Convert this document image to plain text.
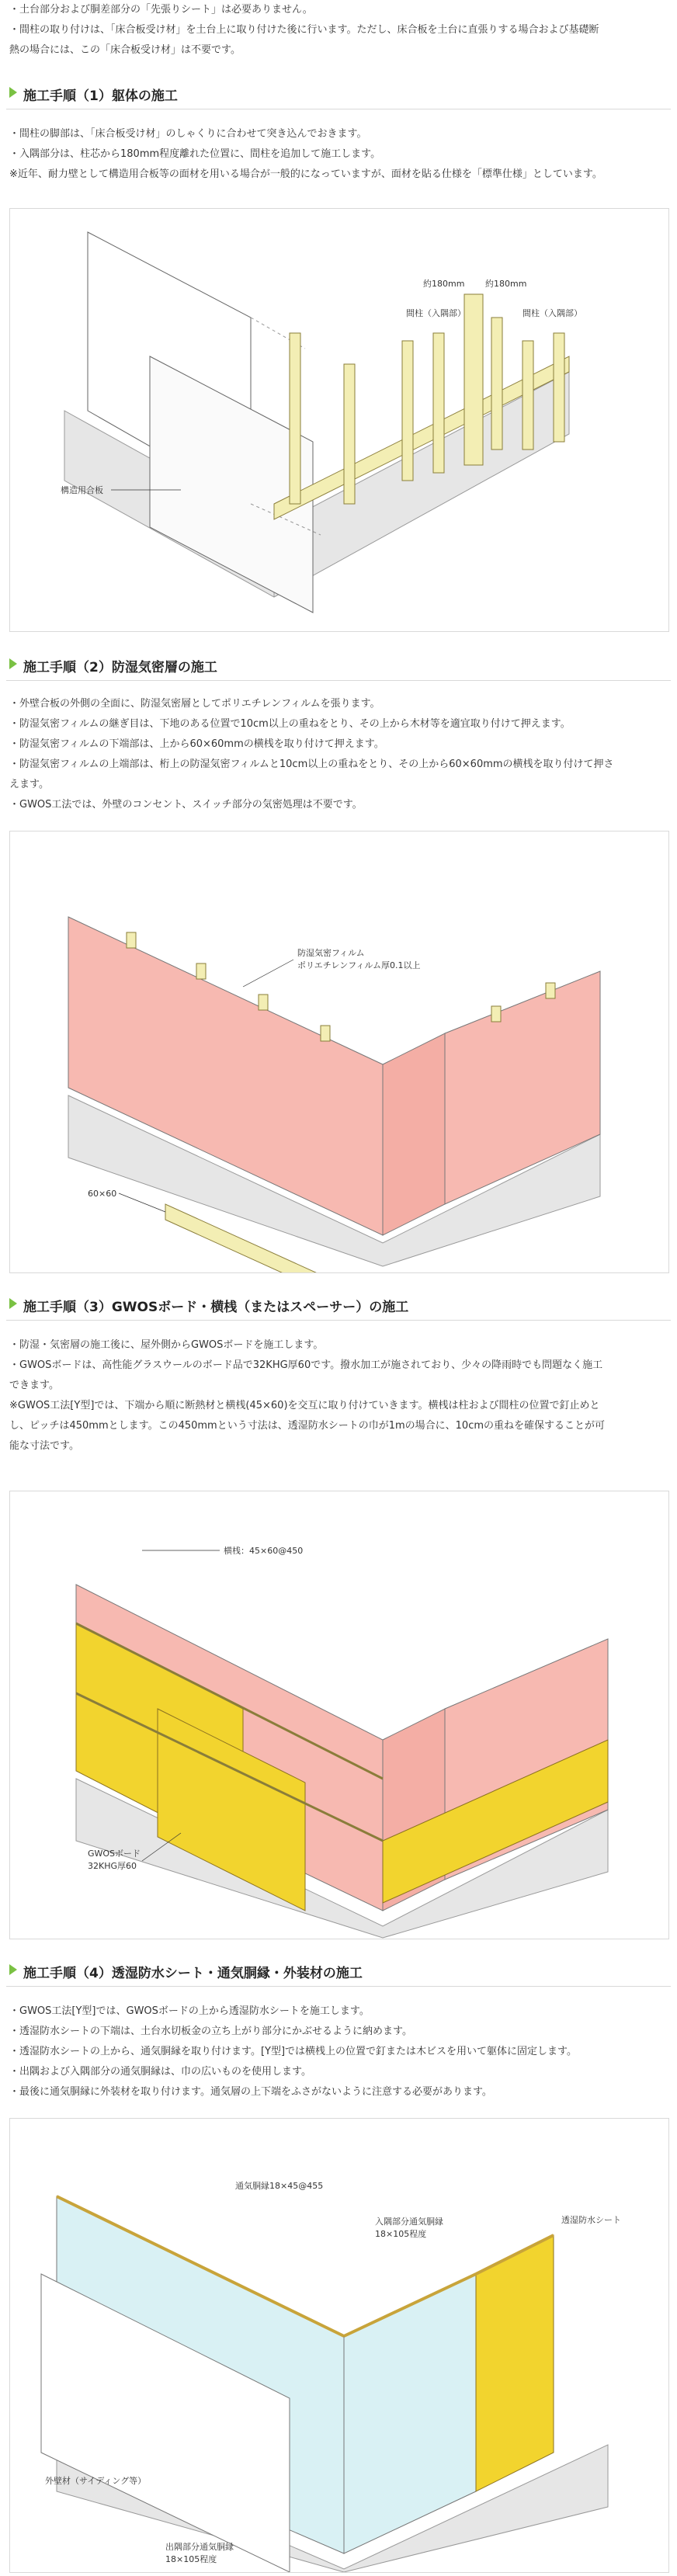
・土台部分および胴差部分の「先張りシート」は必要ありません。
・間柱の取り付けは、「床合板受け材」を土台上に取り付けた後に行います。ただし、床合板を土台に直張りする場合および基礎断
熱の場合には、この「床合板受け材」は不要です。
施工手順（1）躯体の施工
・間柱の脚部は、「床合板受け材」のしゃくりに合わせて突き込んでおきます。
・入隅部分は、柱芯から180mm程度離れた位置に、間柱を追加して施工します。
※近年、耐力壁として構造用合板等の面材を用いる場合が一般的になっていますが、面材を貼る仕様を「標準仕様」としています。
構造用合板
約180mm 約180mm
間柱（入隅部）	間柱（入隅部）
施工手順（2）防湿気密層の施工
・外壁合板の外側の全面に、防湿気密層としてポリエチレンフィルムを張ります。
・防湿気密フィルムの継ぎ目は、下地のある位置で10cm以上の重ねをとり、その上から木材等を適宜取り付けて押えます。
・防湿気密フィルムの下端部は、上から60×60mmの横桟を取り付けて押えます。
・防湿気密フィルムの上端部は、桁上の防湿気密フィルムと10cm以上の重ねをとり、その上から60×60mmの横桟を取り付けて押さ
えます。
・GWOS工法では、外壁のコンセント、スイッチ部分の気密処理は不要です。
防湿気密フィルム
ポリエチレンフィルム厚0.1以上
60×60
施工手順（3）GWOSボード・横桟（またはスペーサー）の施工
・防湿・気密層の施工後に、屋外側からGWOSボードを施工します。
・GWOSボードは、高性能グラスウールのボード品で32KHG厚60です。撥水加工が施されており、少々の降雨時でも問題なく施工
できます。
※GWOS工法[Y型]では、下端から順に断熱材と横桟(45×60)を交互に取り付けていきます。横桟は柱および間柱の位置で釘止めと
し、ピッチは450mmとします。この450mmという寸法は、透湿防水シートの巾が1mの場合に、10cmの重ねを確保することが可
能な寸法です。
横桟：45×60@450
GWOSボード
32KHG厚60
施工手順（4）透湿防水シート・通気胴縁・外装材の施工
・GWOS工法[Y型]では、GWOSボードの上から透湿防水シートを施工します。
・透湿防水シートの下端は、土台水切板金の立ち上がり部分にかぶせるように納めます。
・透湿防水シートの上から、通気胴縁を取り付けます。[Y型]では横桟上の位置で釘または木ビスを用いて躯体に固定します。
・出隅および入隅部分の通気胴縁は、巾の広いものを使用します。
・最後に通気胴縁に外装材を取り付けます。通気層の上下端をふさがないように注意する必要があります。
通気胴縁18×45@455
入隅部分通気胴縁
18×105程度
透湿防水シート
外壁材（サイディング等）
出隅部分通気胴縁
18×105程度
